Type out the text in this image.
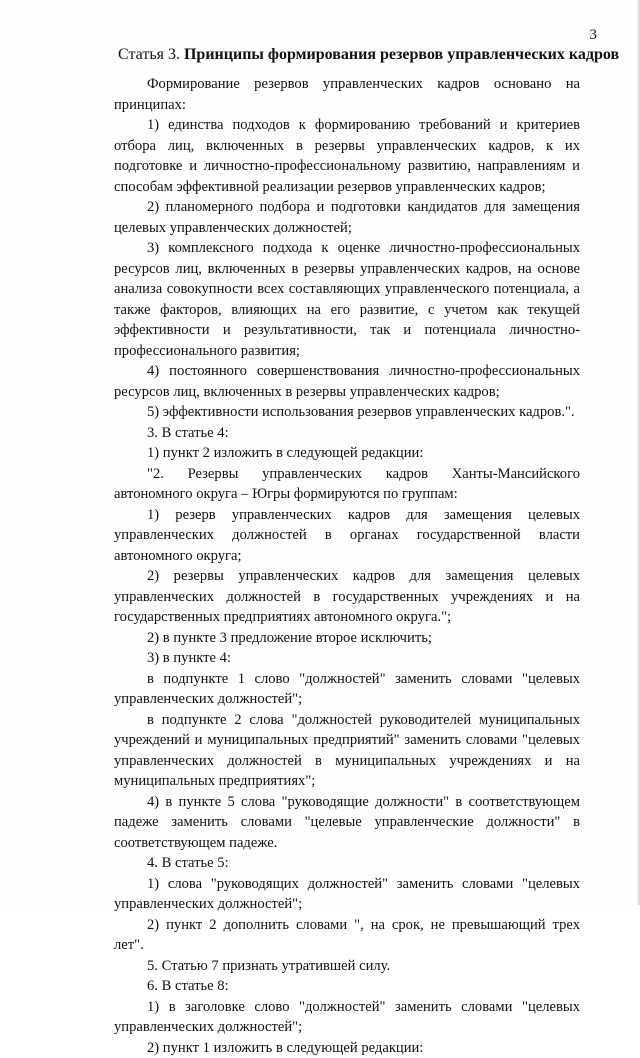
3
Статья 3. Принципы формирования резервов управленческих кадров

Формирование резервов управленческих кадров основано на принципах:

1) единства подходов к формированию требований и критериев отбора лиц, включенных в резервы управленческих кадров, к их подготовке и личностно-профессиональному развитию, направлениям и способам эффективной реализации резервов управленческих кадров;

2) планомерного подбора и подготовки кандидатов для замещения целевых управленческих должностей;

3) комплексного подхода к оценке личностно-профессиональных ресурсов лиц, включенных в резервы управленческих кадров, на основе анализа совокупности всех составляющих управленческого потенциала, а также факторов, влияющих на его развитие, с учетом как текущей эффективности и результативности, так и потенциала личностно-профессионального развития;

4) постоянного совершенствования личностно-профессиональных ресурсов лиц, включенных в резервы управленческих кадров;

5) эффективности использования резервов управленческих кадров.".

3. В статье 4:

1) пункт 2 изложить в следующей редакции:

"2. Резервы управленческих кадров Ханты-Мансийского автономного округа – Югры формируются по группам:

1) резерв управленческих кадров для замещения целевых управленческих должностей в органах государственной власти автономного округа;

2) резервы управленческих кадров для замещения целевых управленческих должностей в государственных учреждениях и на государственных предприятиях автономного округа.";

2) в пункте 3 предложение второе исключить;

3) в пункте 4:

в подпункте 1 слово "должностей" заменить словами "целевых управленческих должностей";

в подпункте 2 слова "должностей руководителей муниципальных учреждений и муниципальных предприятий" заменить словами "целевых управленческих должностей в муниципальных учреждениях и на муниципальных предприятиях";

4) в пункте 5 слова "руководящие должности" в соответствующем падеже заменить словами "целевые управленческие должности" в соответствующем падеже.

4. В статье 5:

1) слова "руководящих должностей" заменить словами "целевых управленческих должностей";

2) пункт 2 дополнить словами ", на срок, не превышающий трех лет".

5. Статью 7 признать утратившей силу.

6. В статье 8:

1) в заголовке слово "должностей" заменить словами "целевых управленческих должностей";

2) пункт 1 изложить в следующей редакции:
